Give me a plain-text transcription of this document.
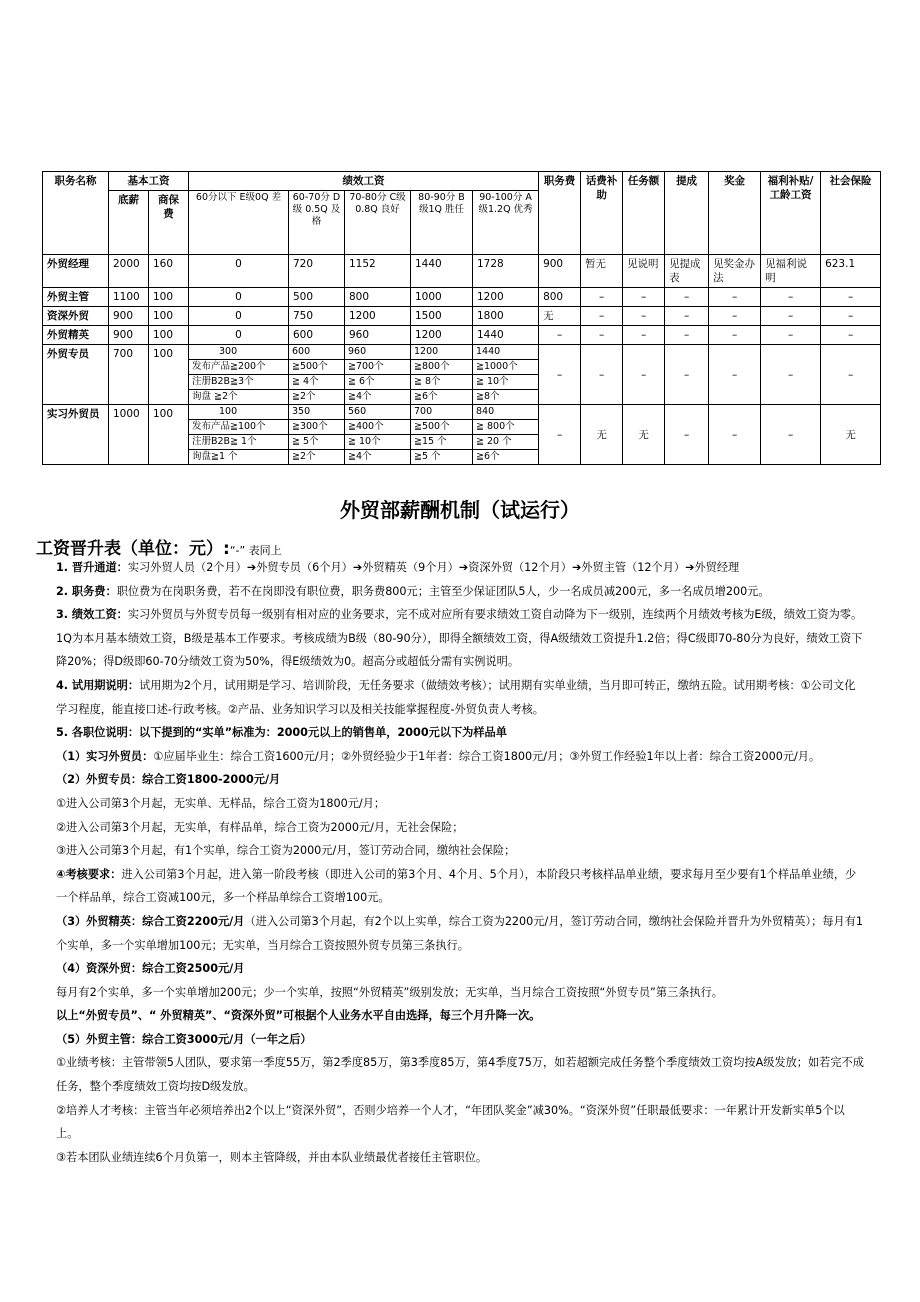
职务名称	基本工资		绩效工资					职务费	话费补助	任务额	提成	奖金	福利补贴/工龄工资	社会保险
	底薪	商保费	60分以下 E级0Q 差	60-70分 D级 0.5Q 及格	70-80分 C级0.8Q 良好	80-90分 B级1Q 胜任	90-100分 A级1.2Q 优秀							
外贸经理	2000	160	0	720	1152	1440	1728	900	暂无	见说明	见提成表	见奖金办法	见福利说明	623.1
外贸主管	1100	100	0	500	800	1000	1200	800	–	–	–	–	–	–
资深外贸	900	100	0	750	1200	1500	1800	无	–	–	–	–	–	–
外贸精英	900	100	0	600	960	1200	1440	–	–	–	–	–	–	–
外贸专员	700	100	300	600	960	1200	1440	–	–	–	–	–	–	–
			发布产品≧200个	≧500个	≧700个	≧800个	≧1000个							
			注册B2B≧3个	≧ 4个	≧ 6个	≧ 8个	≧ 10个							
			询盘 ≧2个	≧2个	≧4个	≧6个	≧8个							
实习外贸员	1000	100	100	350	560	700	840	–	无	无	–	–	–	无
			发布产品≧100个	≧300个	≧400个	≧500个	≧ 800个							
			注册B2B≧ 1个	≧ 5个	≧ 10个	≧15 个	≧ 20 个							
			询盘≧1 个	≧2个	≧4个	≧5 个	≧6个							
外贸部薪酬机制（试运行）
工资晋升表（单位：元）:“-” 表同上

1. 晋升通道：实习外贸人员（2个月）➔外贸专员（6个月）➔外贸精英（9个月）➔资深外贸（12个月）➔外贸主管（12个月）➔外贸经理

2. 职务费：职位费为在岗职务费，若不在岗即没有职位费，职务费800元；主管至少保证团队5人，少一名成员减200元，多一名成员增200元。

3. 绩效工资：实习外贸员与外贸专员每一级别有相对应的业务要求，完不成对应所有要求绩效工资自动降为下一级别，连续两个月绩效考核为E级，绩效工资为零。1Q为本月基本绩效工资，B级是基本工作要求。考核成绩为B级（80-90分），即得全额绩效工资，得A级绩效工资提升1.2倍；得C级即70-80分为良好，绩效工资下降20%；得D级即60-70分绩效工资为50%，得E级绩效为0。超高分或超低分需有实例说明。

4. 试用期说明：试用期为2个月，试用期是学习、培训阶段，无任务要求（做绩效考核）；试用期有实单业绩，当月即可转正，缴纳五险。试用期考核：①公司文化学习程度，能直接口述-行政考核。②产品、业务知识学习以及相关技能掌握程度-外贸负责人考核。

5. 各职位说明：以下提到的“实单”标准为：2000元以上的销售单，2000元以下为样品单

（1）实习外贸员：①应届毕业生：综合工资1600元/月；②外贸经验少于1年者：综合工资1800元/月；③外贸工作经验1年以上者：综合工资2000元/月。

（2）外贸专员：综合工资1800-2000元/月

①进入公司第3个月起，无实单、无样品，综合工资为1800元/月；

②进入公司第3个月起，无实单，有样品单，综合工资为2000元/月，无社会保险；

③进入公司第3个月起，有1个实单，综合工资为2000元/月，签订劳动合同，缴纳社会保险；

④考核要求：进入公司第3个月起，进入第一阶段考核（即进入公司的第3个月、4个月、5个月），本阶段只考核样品单业绩，要求每月至少要有1个样品单业绩，少一个样品单，综合工资减100元，多一个样品单综合工资增100元。

（3）外贸精英：综合工资2200元/月（进入公司第3个月起，有2个以上实单，综合工资为2200元/月，签订劳动合同，缴纳社会保险并晋升为外贸精英）；每月有1个实单，多一个实单增加100元；无实单，当月综合工资按照外贸专员第三条执行。

（4）资深外贸：综合工资2500元/月

每月有2个实单，多一个实单增加200元；少一个实单，按照“外贸精英”级别发放；无实单，当月综合工资按照“外贸专员”第三条执行。

以上“外贸专员”、“ 外贸精英”、“资深外贸”可根据个人业务水平自由选择，每三个月升降一次。

（5）外贸主管：综合工资3000元/月（一年之后）

①业绩考核：主管带领5人团队，要求第一季度55万，第2季度85万，第3季度85万，第4季度75万，如若超额完成任务整个季度绩效工资均按A级发放；如若完不成任务，整个季度绩效工资均按D级发放。

②培养人才考核：主管当年必须培养出2个以上“资深外贸”，否则少培养一个人才，“年团队奖金”减30%。“资深外贸”任职最低要求：一年累计开发新实单5个以上。

③若本团队业绩连续6个月负第一，则本主管降级，并由本队业绩最优者接任主管职位。
